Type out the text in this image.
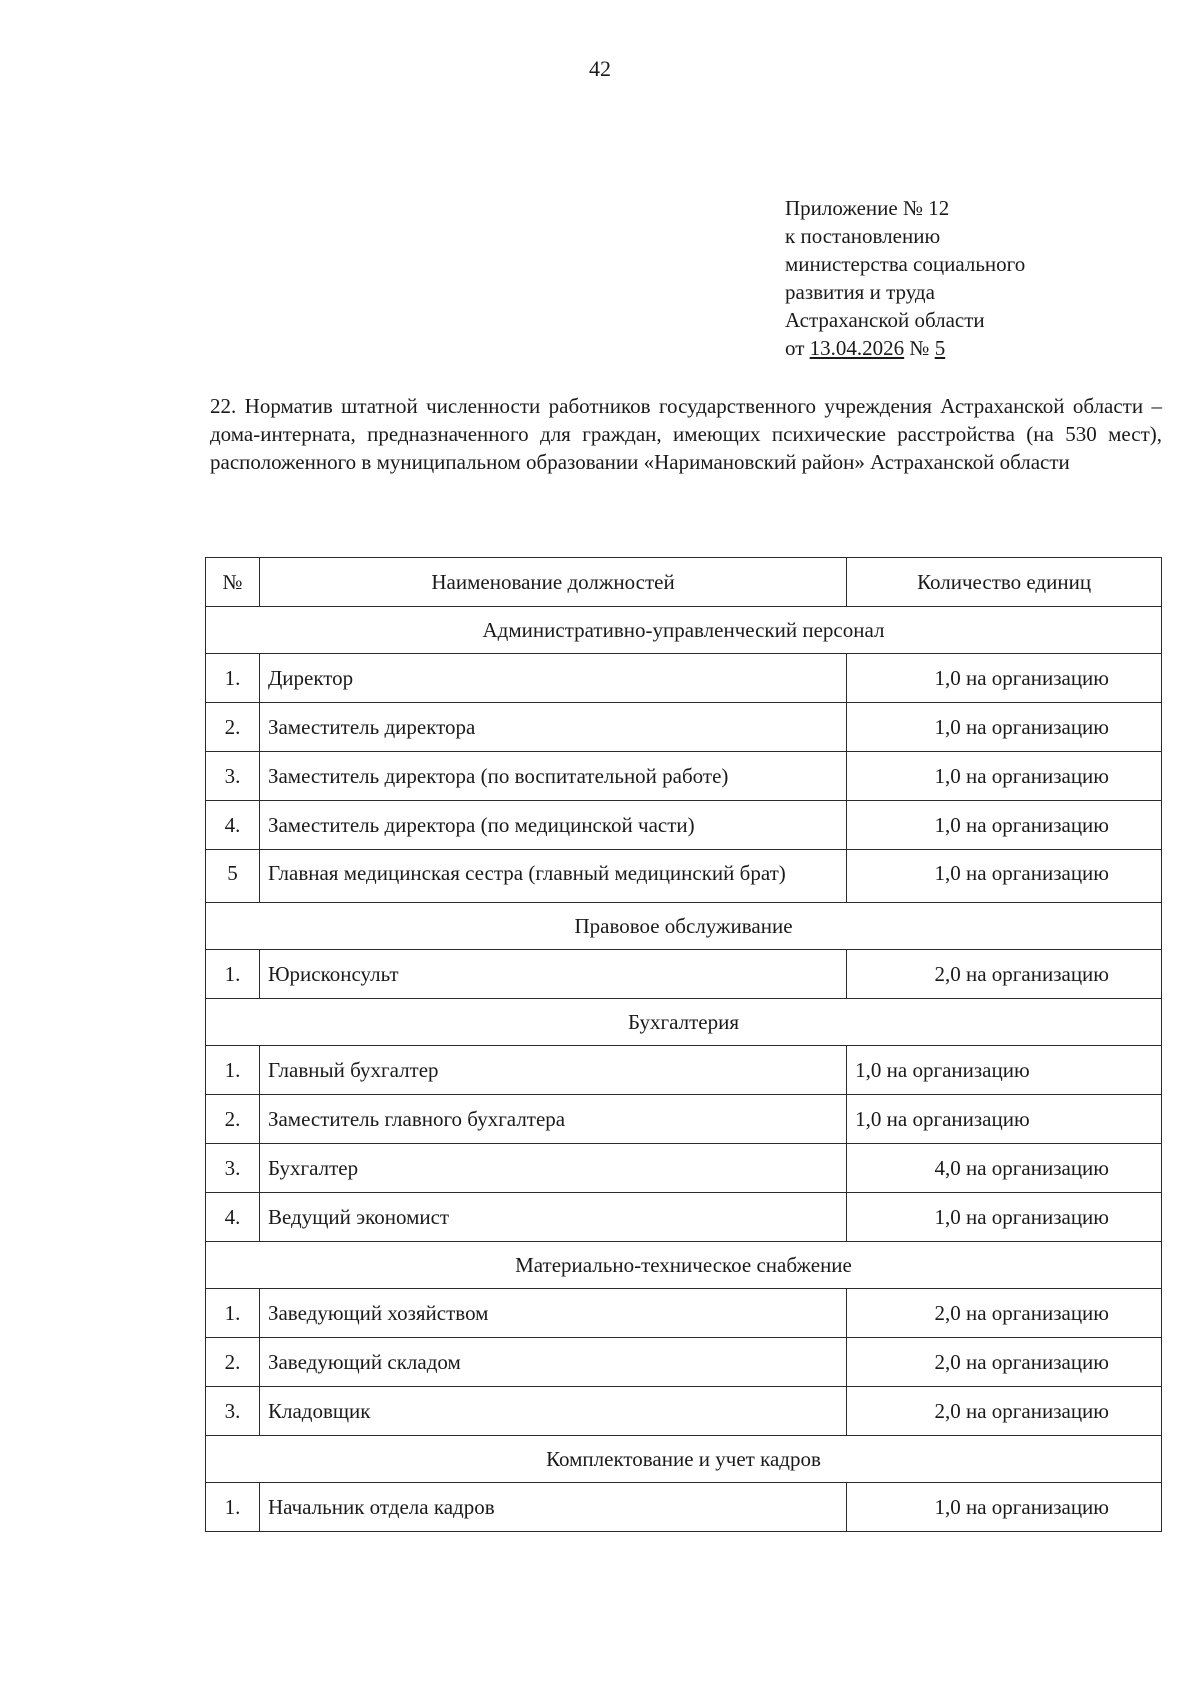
42
Приложение № 12
к постановлению
министерства социального
развития и труда
Астраханской области
от 13.04.2026 № 5
22. Норматив штатной численности работников государственного учреждения Астраханской области – дома-интерната, предназначенного для граждан, имеющих психические расстройства (на 530 мест), расположенного в муниципальном образовании «Наримановский район» Астраханской области
№	Наименование должностей	Количество единиц
Административно-управленческий персонал		
1.	Директор	1,0 на организацию
2.	Заместитель директора	1,0 на организацию
3.	Заместитель директора (по воспитательной работе)	1,0 на организацию
4.	Заместитель директора (по медицинской части)	1,0 на организацию
5	Главная медицинская сестра (главный медицинский брат)	1,0 на организацию
Правовое обслуживание		
1.	Юрисконсульт	2,0 на организацию
Бухгалтерия		
1.	Главный бухгалтер	1,0 на организацию
2.	Заместитель главного бухгалтера	1,0 на организацию
3.	Бухгалтер	4,0 на организацию
4.	Ведущий экономист	1,0 на организацию
Материально-техническое снабжение		
1.	Заведующий хозяйством	2,0 на организацию
2.	Заведующий складом	2,0 на организацию
3.	Кладовщик	2,0 на организацию
Комплектование и учет кадров		
1.	Начальник отдела кадров	1,0 на организацию
